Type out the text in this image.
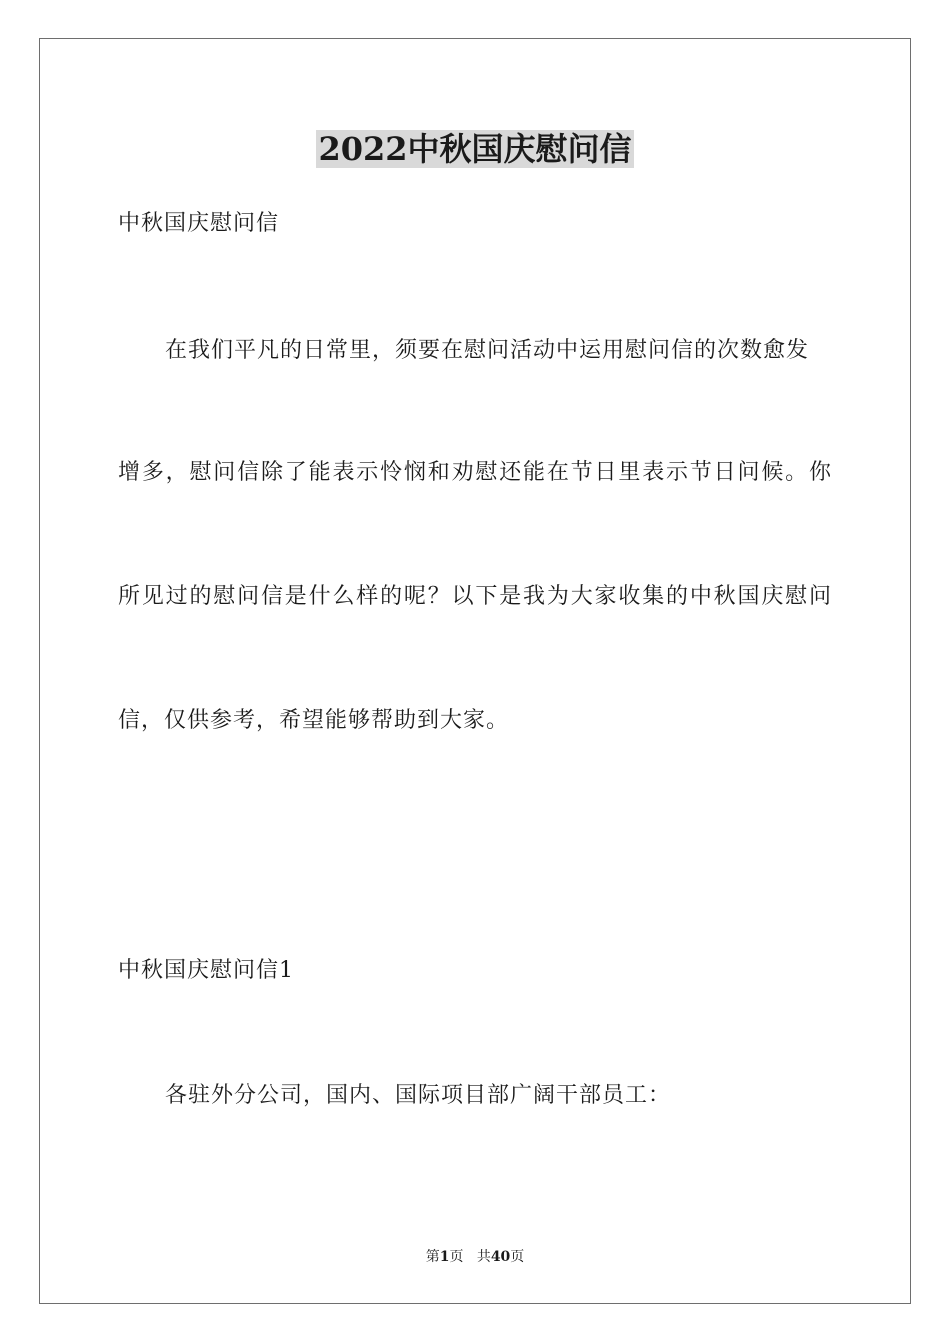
2022中秋国庆慰问信
中秋国庆慰问信
在我们平凡的日常里，须要在慰问活动中运用慰问信的次数愈发
增多，慰问信除了能表示怜悯和劝慰还能在节日里表示节日问候。你
所见过的慰问信是什么样的呢？以下是我为大家收集的中秋国庆慰问
信，仅供参考，希望能够帮助到大家。
中秋国庆慰问信1
各驻外分公司，国内、国际项目部广阔干部员工：
第1页 共40页
